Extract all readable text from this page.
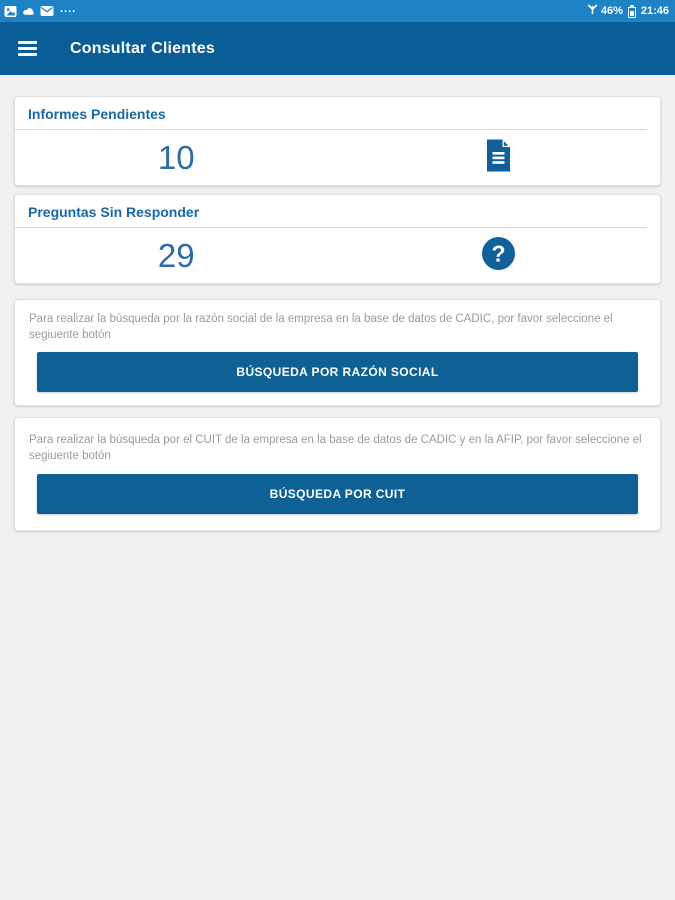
....	46% 21:46
Consultar Clientes
Informes Pendientes
10
Preguntas Sin Responder
29	?

Para realizar la búsqueda por la razón social de la empresa en la base de datos de CADIC, por favor seleccione el segiuente botón

BÚSQUEDA POR RAZÓN SOCIAL

Para realizar la búsqueda por el CUIT de la empresa en la base de datos de CADIC y en la AFIP, por favor seleccione el segiuente botón

BÚSQUEDA POR CUIT
